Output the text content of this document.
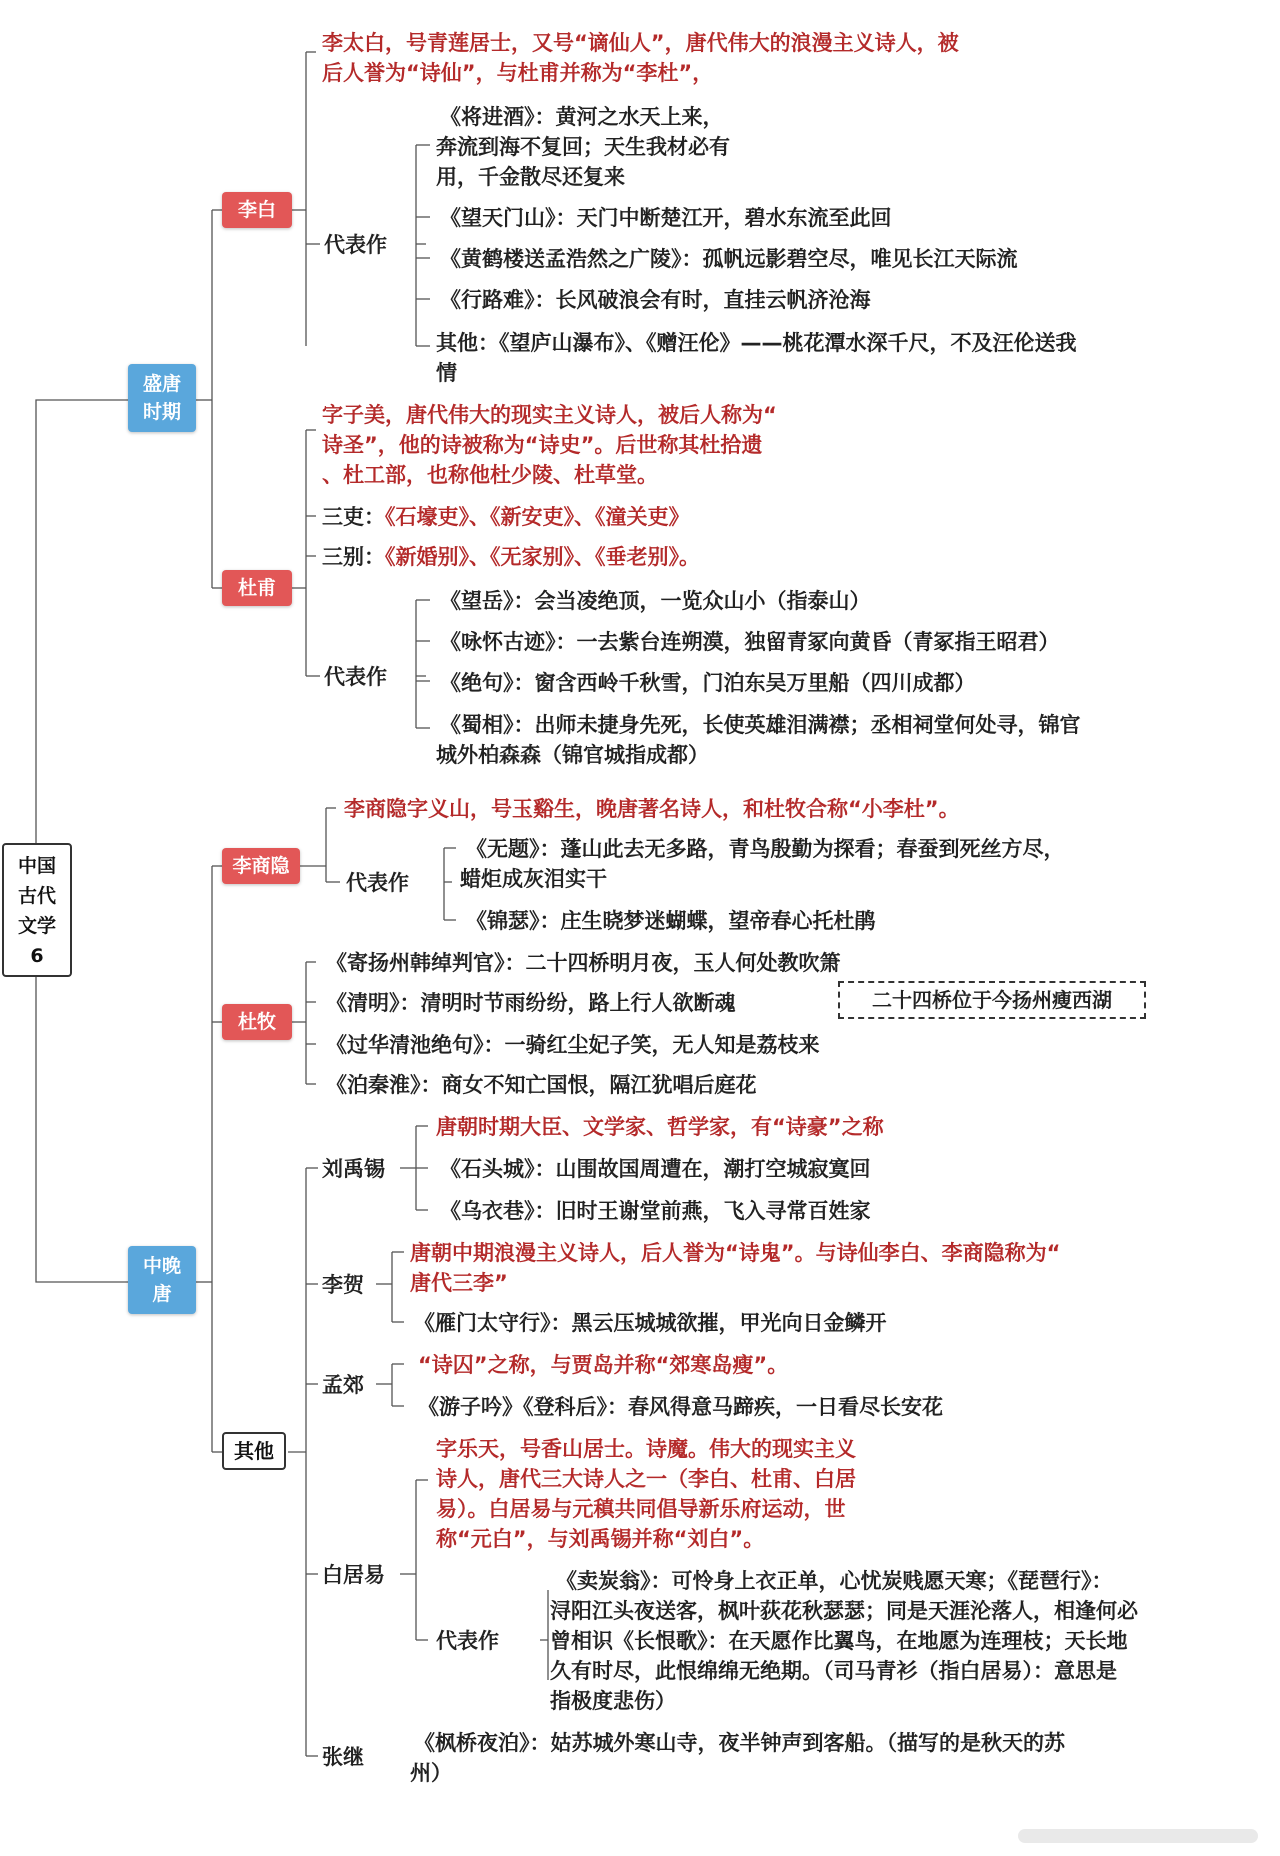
中国
古代
文学
6
盛唐时期
中晚唐
李白
杜甫
李商隐
杜牧
其他
李太白，号青莲居士，又号“谪仙人”，唐代伟大的浪漫主义诗人，被
后人誉为“诗仙”，与杜甫并称为“李杜”，
代表作
《将进酒》：黄河之水天上来，
奔流到海不复回；天生我材必有
用，千金散尽还复来
《望天门山》：天门中断楚江开，碧水东流至此回
《黄鹤楼送孟浩然之广陵》：孤帆远影碧空尽，唯见长江天际流
《行路难》：长风破浪会有时，直挂云帆济沧海
其他：《望庐山瀑布》、《赠汪伦》——桃花潭水深千尺，不及汪伦送我
情
字子美，唐代伟大的现实主义诗人，被后人称为“
诗圣”，他的诗被称为“诗史”。后世称其杜拾遗
、杜工部，也称他杜少陵、杜草堂。
三吏：《石壕吏》、《新安吏》、《潼关吏》
三别：《新婚别》、《无家别》、《垂老别》。
代表作
《望岳》：会当凌绝顶，一览众山小（指泰山）
《咏怀古迹》：一去紫台连朔漠，独留青冢向黄昏（青冢指王昭君）
《绝句》：窗含西岭千秋雪，门泊东吴万里船（四川成都）
《蜀相》：出师未捷身先死，长使英雄泪满襟；丞相祠堂何处寻，锦官
城外柏森森（锦官城指成都）
李商隐字义山，号玉谿生，晚唐著名诗人，和杜牧合称“小李杜”。
代表作
《无题》：蓬山此去无多路，青鸟殷勤为探看；春蚕到死丝方尽，
蜡炬成灰泪实干
《锦瑟》：庄生晓梦迷蝴蝶，望帝春心托杜鹃
《寄扬州韩绰判官》：二十四桥明月夜，玉人何处教吹箫
《清明》：清明时节雨纷纷，路上行人欲断魂	二十四桥位于今扬州瘦西湖
《过华清池绝句》：一骑红尘妃子笑，无人知是荔枝来
《泊秦淮》：商女不知亡国恨，隔江犹唱后庭花
刘禹锡
唐朝时期大臣、文学家、哲学家，有“诗豪”之称
《石头城》：山围故国周遭在，潮打空城寂寞回
《乌衣巷》：旧时王谢堂前燕，飞入寻常百姓家
李贺
唐朝中期浪漫主义诗人，后人誉为“诗鬼”。与诗仙李白、李商隐称为“
唐代三李”
《雁门太守行》：黑云压城城欲摧，甲光向日金鳞开
孟郊
“诗囚”之称，与贾岛并称“郊寒岛瘦”。
《游子吟》《登科后》：春风得意马蹄疾，一日看尽长安花
白居易
字乐天，号香山居士。诗魔。伟大的现实主义
诗人，唐代三大诗人之一（李白、杜甫、白居
易）。白居易与元稹共同倡导新乐府运动，世
称“元白”，与刘禹锡并称“刘白”。
代表作
《卖炭翁》：可怜身上衣正单，心忧炭贱愿天寒；《琵琶行》：
浔阳江头夜送客，枫叶荻花秋瑟瑟；同是天涯沦落人，相逢何必
曾相识《长恨歌》：在天愿作比翼鸟，在地愿为连理枝；天长地
久有时尽，此恨绵绵无绝期。（司马青衫（指白居易）：意思是
指极度悲伤）
张继
《枫桥夜泊》：姑苏城外寒山寺，夜半钟声到客船。（描写的是秋天的苏
州）
